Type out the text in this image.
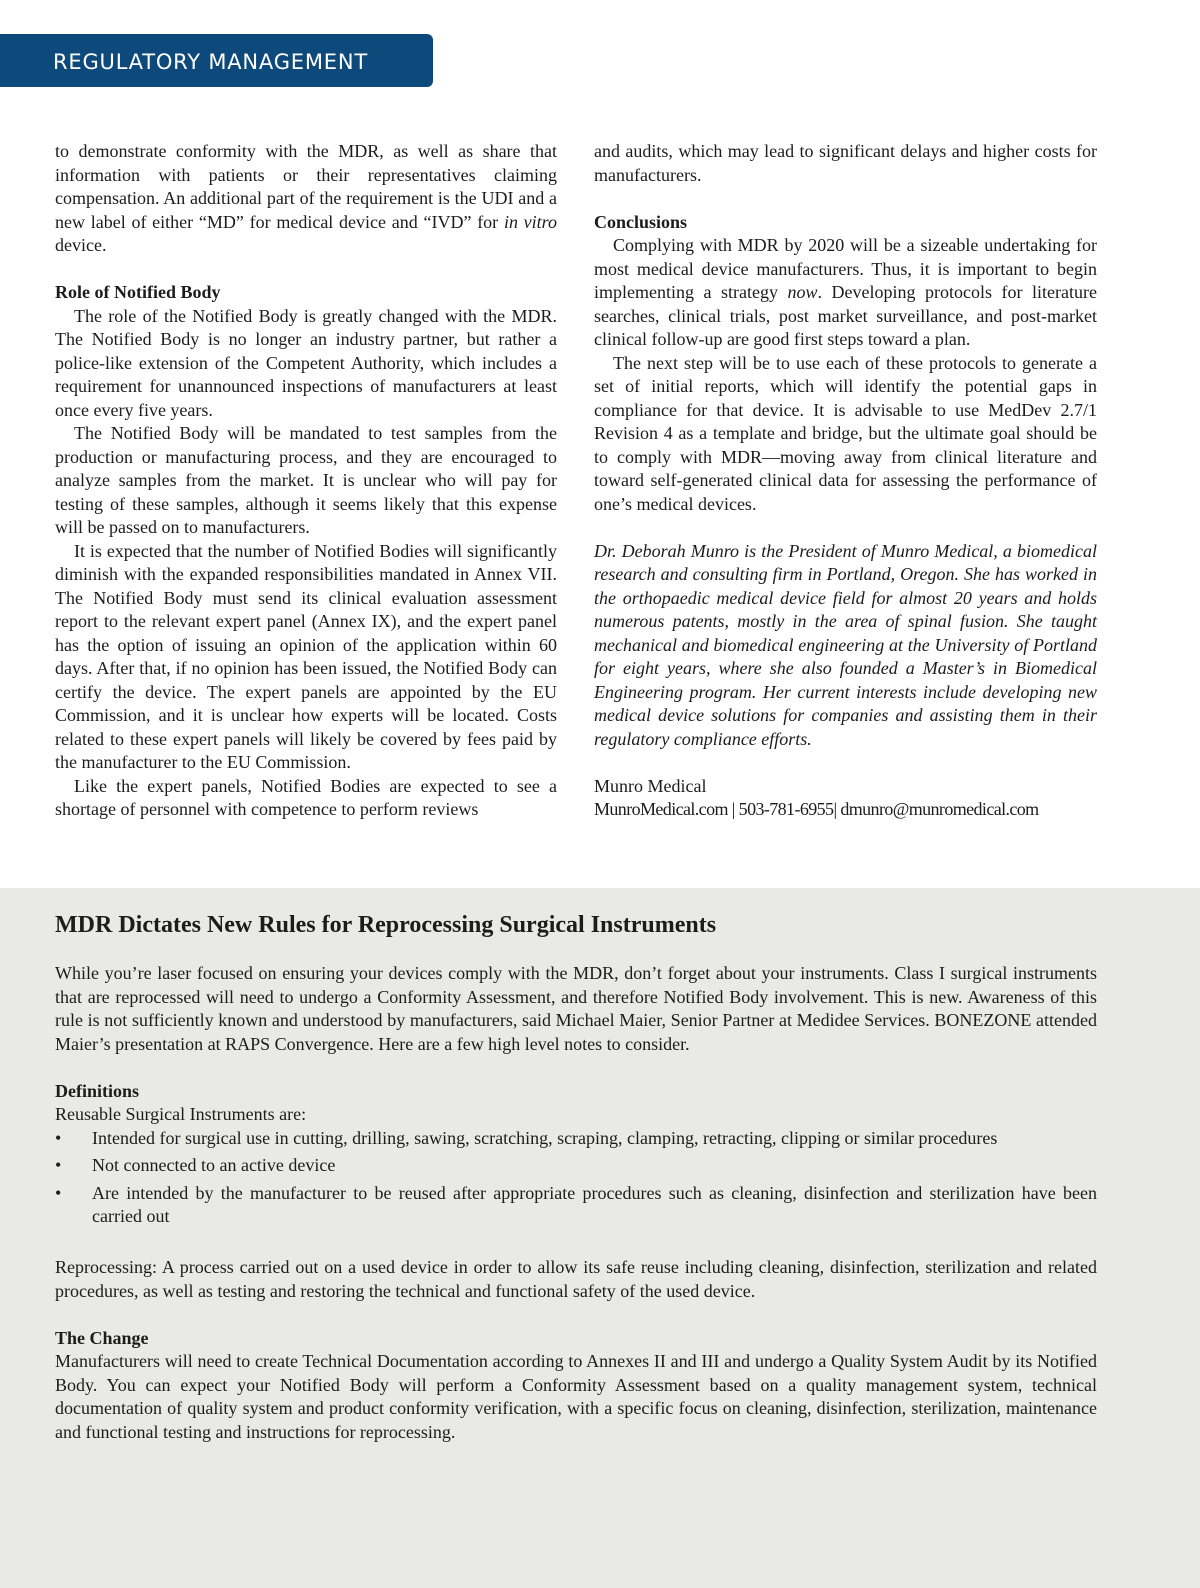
REGULATORY MANAGEMENT

to demonstrate conformity with the MDR, as well as share that information with patients or their representatives claiming compensation. An additional part of the requirement is the UDI and a new label of either “MD” for medical device and “IVD” for in vitro device.

Role of Notified Body

The role of the Notified Body is greatly changed with the MDR. The Notified Body is no longer an industry partner, but rather a police-like extension of the Competent Authority, which includes a requirement for unannounced inspections of manufacturers at least once every five years.

The Notified Body will be mandated to test samples from the production or manufacturing process, and they are encouraged to analyze samples from the market. It is unclear who will pay for testing of these samples, although it seems likely that this expense will be passed on to manufacturers.

It is expected that the number of Notified Bodies will significantly diminish with the expanded responsibilities mandated in Annex VII. The Notified Body must send its clinical evaluation assessment report to the relevant expert panel (Annex IX), and the expert panel has the option of issuing an opinion of the application within 60 days. After that, if no opinion has been issued, the Notified Body can certify the device. The expert panels are appointed by the EU Commission, and it is unclear how experts will be located. Costs related to these expert panels will likely be covered by fees paid by the manufacturer to the EU Commission.

Like the expert panels, Notified Bodies are expected to see a shortage of personnel with competence to perform reviews

and audits, which may lead to significant delays and higher costs for manufacturers.

Conclusions

Complying with MDR by 2020 will be a sizeable undertaking for most medical device manufacturers. Thus, it is important to begin implementing a strategy now. Developing protocols for literature searches, clinical trials, post market surveillance, and post-market clinical follow-up are good first steps toward a plan.

The next step will be to use each of these protocols to generate a set of initial reports, which will identify the potential gaps in compliance for that device. It is advisable to use MedDev 2.7/1 Revision 4 as a template and bridge, but the ultimate goal should be to comply with MDR—moving away from clinical literature and toward self-generated clinical data for assessing the performance of one’s medical devices.

Dr. Deborah Munro is the President of Munro Medical, a biomedical research and consulting firm in Portland, Oregon. She has worked in the orthopaedic medical device field for almost 20 years and holds numerous patents, mostly in the area of spinal fusion. She taught mechanical and biomedical engineering at the University of Portland for eight years, where she also founded a Master’s in Biomedical Engineering program. Her current interests include developing new medical device solutions for companies and assisting them in their regulatory compliance efforts.

Munro Medical

MunroMedical.com | 503-781-6955| dmunro@munromedical.com

MDR Dictates New Rules for Reprocessing Surgical Instruments

While you’re laser focused on ensuring your devices comply with the MDR, don’t forget about your instruments. Class I surgical instruments that are reprocessed will need to undergo a Conformity Assessment, and therefore Notified Body involvement. This is new. Awareness of this rule is not sufficiently known and understood by manufacturers, said Michael Maier, Senior Partner at Medidee Services. BONEZONE attended Maier’s presentation at RAPS Convergence. Here are a few high level notes to consider.

Definitions

Reusable Surgical Instruments are:

• Intended for surgical use in cutting, drilling, sawing, scratching, scraping, clamping, retracting, clipping or similar procedures
• Not connected to an active device
• Are intended by the manufacturer to be reused after appropriate procedures such as cleaning, disinfection and sterilization have been carried out

Reprocessing: A process carried out on a used device in order to allow its safe reuse including cleaning, disinfection, sterilization and related procedures, as well as testing and restoring the technical and functional safety of the used device.

The Change

Manufacturers will need to create Technical Documentation according to Annexes II and III and undergo a Quality System Audit by its Notified Body. You can expect your Notified Body will perform a Conformity Assessment based on a quality management system, technical documentation of quality system and product conformity verification, with a specific focus on cleaning, disinfection, sterilization, maintenance and functional testing and instructions for reprocessing.
